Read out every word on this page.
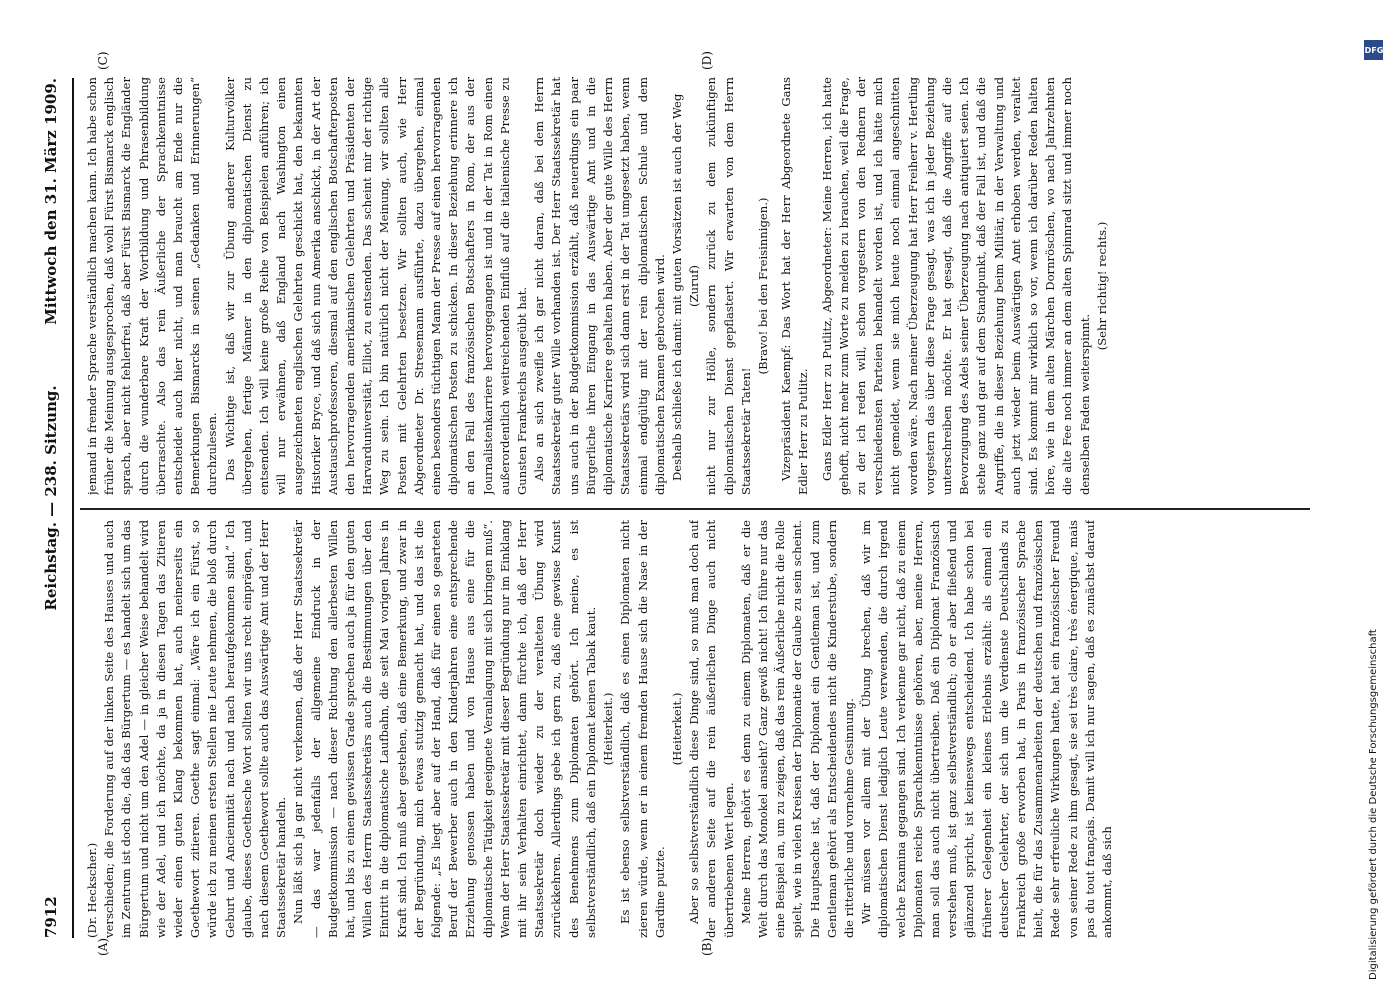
7912
Reichstag. — 238. Sitzung.
Mittwoch den 31. März 1909.
(A)	(B)
(C)	(D)

(Dr. Heckscher.) verschieden; die Forderung auf der linken Seite des Hauses und auch im Zentrum ist doch die, daß das Bürgertum — es handelt sich um das Bürgertum und nicht um den Adel — in gleicher Weise behandelt wird wie der Adel, und ich möchte, da ja in diesen Tagen das Zitieren wieder einen guten Klang bekommen hat, auch meinerseits ein Goethewort zitieren. Goethe sagt einmal: „Wäre ich ein Fürst, so würde ich zu meinen ersten Stellen nie Leute nehmen, die bloß durch Geburt und Anciennität nach und nach heraufgekommen sind.“ Ich glaube, dieses Goethesche Wort sollten wir uns recht einprägen, und nach diesem Goethewort sollte auch das Auswärtige Amt und der Herr Staatssekretär handeln. Nun läßt sich ja gar nicht verkennen, daß der Herr Staatssekretär — das war jedenfalls der allgemeine Eindruck in der Budgetkommission — nach dieser Richtung den allerbesten Willen hat, und bis zu einem gewissen Grade sprechen auch ja für den guten Willen des Herrn Staatssekretärs auch die Bestimmungen über den Eintritt in die diplomatische Laufbahn, die seit Mai vorigen Jahres in Kraft sind. Ich muß aber gestehen, daß eine Bemerkung, und zwar in der Begründung, mich etwas stutzig gemacht hat, und das ist die folgende: „Es liegt aber auf der Hand, daß für einen so gearteten Beruf der Bewerber auch in den Kinderjahren eine entsprechende Erziehung genossen haben und von Hause aus eine für die diplomatische Tätigkeit geeignete Veranlagung mit sich bringen muß“. Wenn der Herr Staatssekretär mit dieser Begründung nur im Einklang mit ihr sein Verhalten einrichtet, dann fürchte ich, daß der Herr Staatssekretär doch wieder zu der veralteten Übung wird zurückkehren. Allerdings gebe ich gern zu, daß eine gewisse Kunst des Benehmens zum Diplomaten gehört. Ich meine, es ist selbstverständlich, daß ein Diplomat keinen Tabak kaut. (Heiterkeit.) Es ist ebenso selbstverständlich, daß es einen Diplomaten nicht zieren würde, wenn er in einem fremden Hause sich die Nase in der Gardine putzte.

(Heiterkeit.) Aber so selbstverständlich diese Dinge sind, so muß man doch auf der anderen Seite auf die rein äußerlichen Dinge auch nicht übertriebenen Wert legen. Meine Herren, gehört es denn zu einem Diplomaten, daß er die Welt durch das Monokel ansieht? Ganz gewiß nicht! Ich führe nur das eine Beispiel an, um zu zeigen, daß das rein Äußerliche nicht die Rolle spielt, wie in vielen Kreisen der Diplomatie der Glaube zu sein scheint. Die Hauptsache ist, daß der Diplomat ein Gentleman ist, und zum Gentleman gehört als Entscheidendes nicht die Kinderstube, sondern die ritterliche und vornehme Gesinnung. Wir müssen vor allem mit der Übung brechen, daß wir im diplomatischen Dienst lediglich Leute verwenden, die durch irgend welche Examina gegangen sind. Ich verkenne gar nicht, daß zu einem Diplomaten reiche Sprachkenntnisse gehören, aber, meine Herren, man soll das auch nicht übertreiben. Daß ein Diplomat Französisch verstehen muß, ist ganz selbstverständlich; ob er aber fließend und glänzend spricht, ist keineswegs entscheidend. Ich habe schon bei früherer Gelegenheit ein kleines Erlebnis erzählt: als einmal ein deutscher Gelehrter, der sich um die Verdienste Deutschlands zu Frankreich große erworben hat, in Paris in französischer Sprache hielt, die für das Zusammenarbeiten der deutschen und französischen Rede sehr erfreuliche Wirkungen hatte, hat ein französischer Freund von seiner Rede zu ihm gesagt, sie sei très claire, très énergique, mais pas du tout français. Damit will ich nur sagen, daß es zunächst darauf ankommt, daß sich

jemand in fremder Sprache verständlich machen kann. Ich habe schon früher die Meinung ausgesprochen, daß wohl Fürst Bismarck englisch sprach, aber nicht fehlerfrei, daß aber Fürst Bismarck die Engländer durch die wunderbare Kraft der Wortbildung und Phrasenbildung überraschte. Also das rein Äußerliche der Sprachkenntnisse entscheidet auch hier nicht, und man braucht am Ende nur die Bemerkungen Bismarcks in seinen „Gedanken und Erinnerungen“ durchzulesen. Das Wichtige ist, daß wir zur Übung anderer Kulturvölker übergehen, fertige Männer in den diplomatischen Dienst zu entsenden. Ich will keine große Reihe von Beispielen anführen; ich will nur erwähnen, daß England nach Washington einen ausgezeichneten englischen Gelehrten geschickt hat, den bekannten Historiker Bryce, und daß sich nun Amerika anschickt, in der Art der Austauschprofessoren, diesmal auf den englischen Botschafterposten den hervorragenden amerikanischen Gelehrten und Präsidenten der Harvarduniversität, Elliot, zu entsenden. Das scheint mir der richtige Weg zu sein. Ich bin natürlich nicht der Meinung, wir sollten alle Posten mit Gelehrten besetzen. Wir sollten auch, wie Herr Abgeordneter Dr. Stresemann ausführte, dazu übergehen, einmal einen besonders tüchtigen Mann der Presse auf einen hervorragenden diplomatischen Posten zu schicken. In dieser Beziehung erinnere ich an den Fall des französischen Botschafters in Rom, der aus der Journalistenkarriere hervorgegangen ist und in der Tat in Rom einen außerordentlich weitreichenden Einfluß auf die italienische Presse zu Gunsten Frankreichs ausgeübt hat. Also an sich zweifle ich gar nicht daran, daß bei dem Herrn Staatssekretär guter Wille vorhanden ist. Der Herr Staatssekretär hat uns auch in der Budgetkommission erzählt, daß neuerdings ein paar Bürgerliche ihren Eingang in das Auswärtige Amt und in die diplomatische Karriere gehalten haben. Aber der gute Wille des Herrn Staatssekretärs wird sich dann erst in der Tat umgesetzt haben, wenn einmal endgültig mit der rein diplomatischen Schule und dem diplomatischen Examen gebrochen wird. Deshalb schließe ich damit: mit guten Vorsätzen ist auch der Weg (Zuruf) nicht nur zur Hölle, sondern zurück zu dem zukünftigen diplomatischen Dienst gepflastert. Wir erwarten von dem Herrn Staatssekretär Taten!

(Bravo! bei den Freisinnigen.) Vizepräsident Kaempf: Das Wort hat der Herr Abgeordnete Gans Edler Herr zu Putlitz. Gans Edler Herr zu Putlitz, Abgeordneter: Meine Herren, ich hatte gehofft, nicht mehr zum Worte zu melden zu brauchen, weil die Frage, zu der ich reden will, schon vorgestern von den Rednern der verschiedensten Parteien behandelt worden ist, und ich hätte mich nicht gemeldet, wenn sie mich heute noch einmal angeschnitten worden wäre. Nach meiner Überzeugung hat Herr Freiherr v. Hertling vorgestern das über diese Frage gesagt, was ich in jeder Beziehung unterschreiben möchte. Er hat gesagt, daß die Angriffe auf die Bevorzugung des Adels seiner Überzeugung nach antiquiert seien. Ich stehe ganz und gar auf dem Standpunkt, daß der Fall ist, und daß die Angriffe, die in dieser Beziehung beim Militär, in der Verwaltung und auch jetzt wieder beim Auswärtigen Amt erhoben werden, veraltet sind. Es kommt mir wirklich so vor, wenn ich darüber Reden halten höre, wie in dem alten Märchen Dornröschen, wo nach Jahrzehnten die alte Fee noch immer an dem alten Spinnrad sitzt und immer noch denselben Faden weiterspinnt.

(Sehr richtig! rechts.)

DFG
Digitalisierung gefördert durch die Deutsche Forschungsgemeinschaft
